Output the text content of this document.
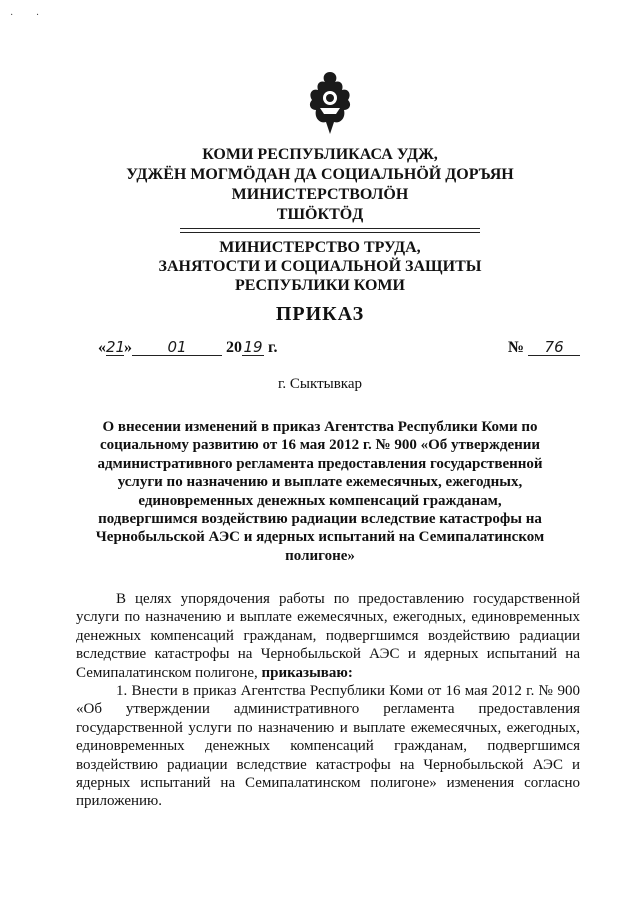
·         ·
КОМИ РЕСПУБЛИКАСА УДЖ,
УДЖЁН МОГМÖДАН ДА СОЦИАЛЬНÖЙ ДОРЪЯН
МИНИСТЕРСТВОЛÖН
ТШÖКТÖД
МИНИСТЕРСТВО ТРУДА,
ЗАНЯТОСТИ И СОЦИАЛЬНОЙ ЗАЩИТЫ
РЕСПУБЛИКИ КОМИ
ПРИКАЗ
«21» 01 2019 г.	№ 76
г. Сыктывкар
О внесении изменений в приказ Агентства Республики Коми по социальному развитию от 16 мая 2012 г. № 900 «Об утверждении административного регламента предоставления государственной услуги по назначению и выплате ежемесячных, ежегодных, единовременных денежных компенсаций гражданам, подвергшимся воздействию радиации вследствие катастрофы на Чернобыльской АЭС и ядерных испытаний на Семипалатинском полигоне»
В целях упорядочения работы по предоставлению государственной услуги по назначению и выплате ежемесячных, ежегодных, единовременных денежных компенсаций гражданам, подвергшимся воздействию радиации вследствие катастрофы на Чернобыльской АЭС и ядерных испытаний на Семипалатинском полигоне, приказываю:
1. Внести в приказ Агентства Республики Коми от 16 мая 2012 г. № 900 «Об утверждении административного регламента предоставления государственной услуги по назначению и выплате ежемесячных, ежегодных, единовременных денежных компенсаций гражданам, подвергшимся воздействию радиации вследствие катастрофы на Чернобыльской АЭС и ядерных испытаний на Семипалатинском полигоне» изменения согласно приложению.
